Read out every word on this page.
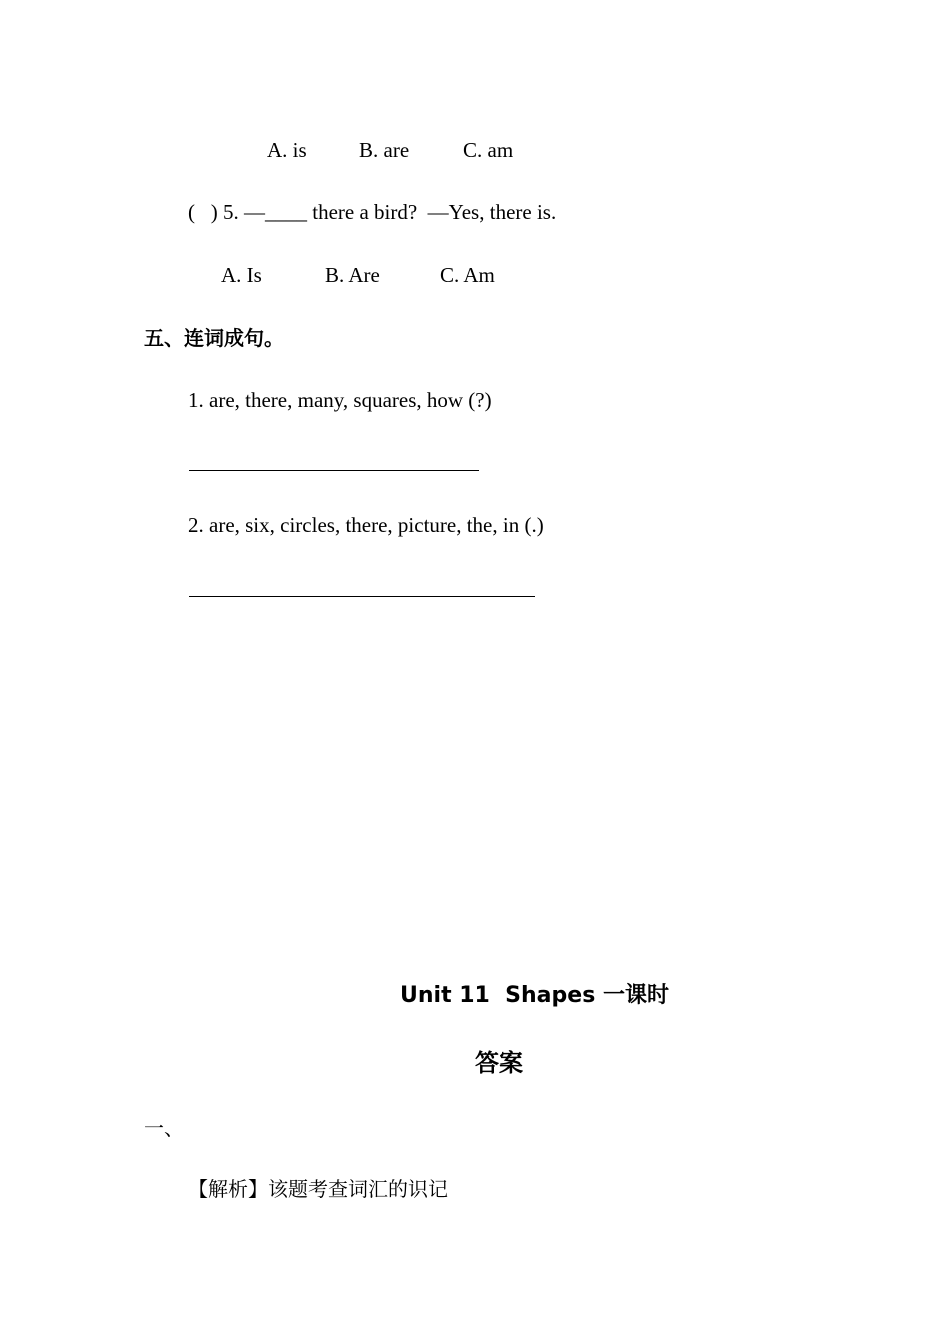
A. is B. are	C. am
(   ) 5. —____ there a bird?  —Yes, there is.
A. Is	B. Are	C. Am
五、连词成句。
1. are, there, many, squares, how (?)
2. are, six, circles, there, picture, the, in (.)
Unit 11  Shapes 一课时
答案
一、
【解析】该题考查词汇的识记
